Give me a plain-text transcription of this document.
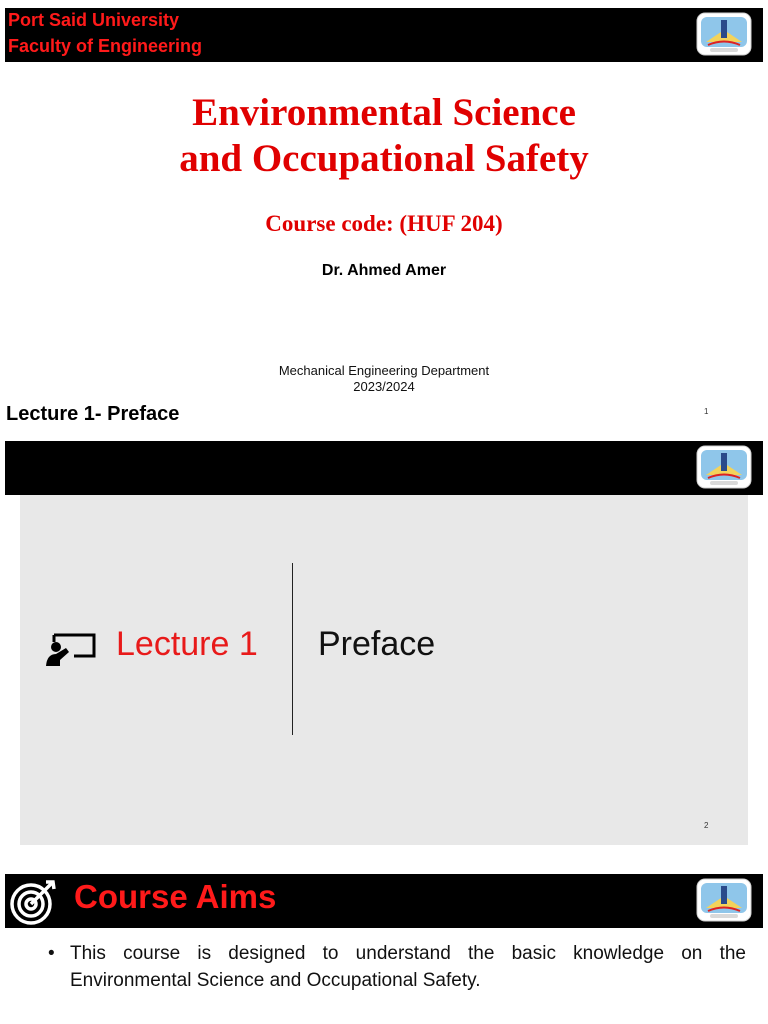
Port Said University
Faculty of Engineering
Environmental Science
and Occupational Safety
Course code: (HUF 204)
Dr. Ahmed Amer
Mechanical Engineering Department
2023/2024
Lecture 1- Preface	1
Lecture 1 Preface
2
Course Aims
• This course is designed to understand the basic knowledge on the Environmental Science and Occupational Safety.
